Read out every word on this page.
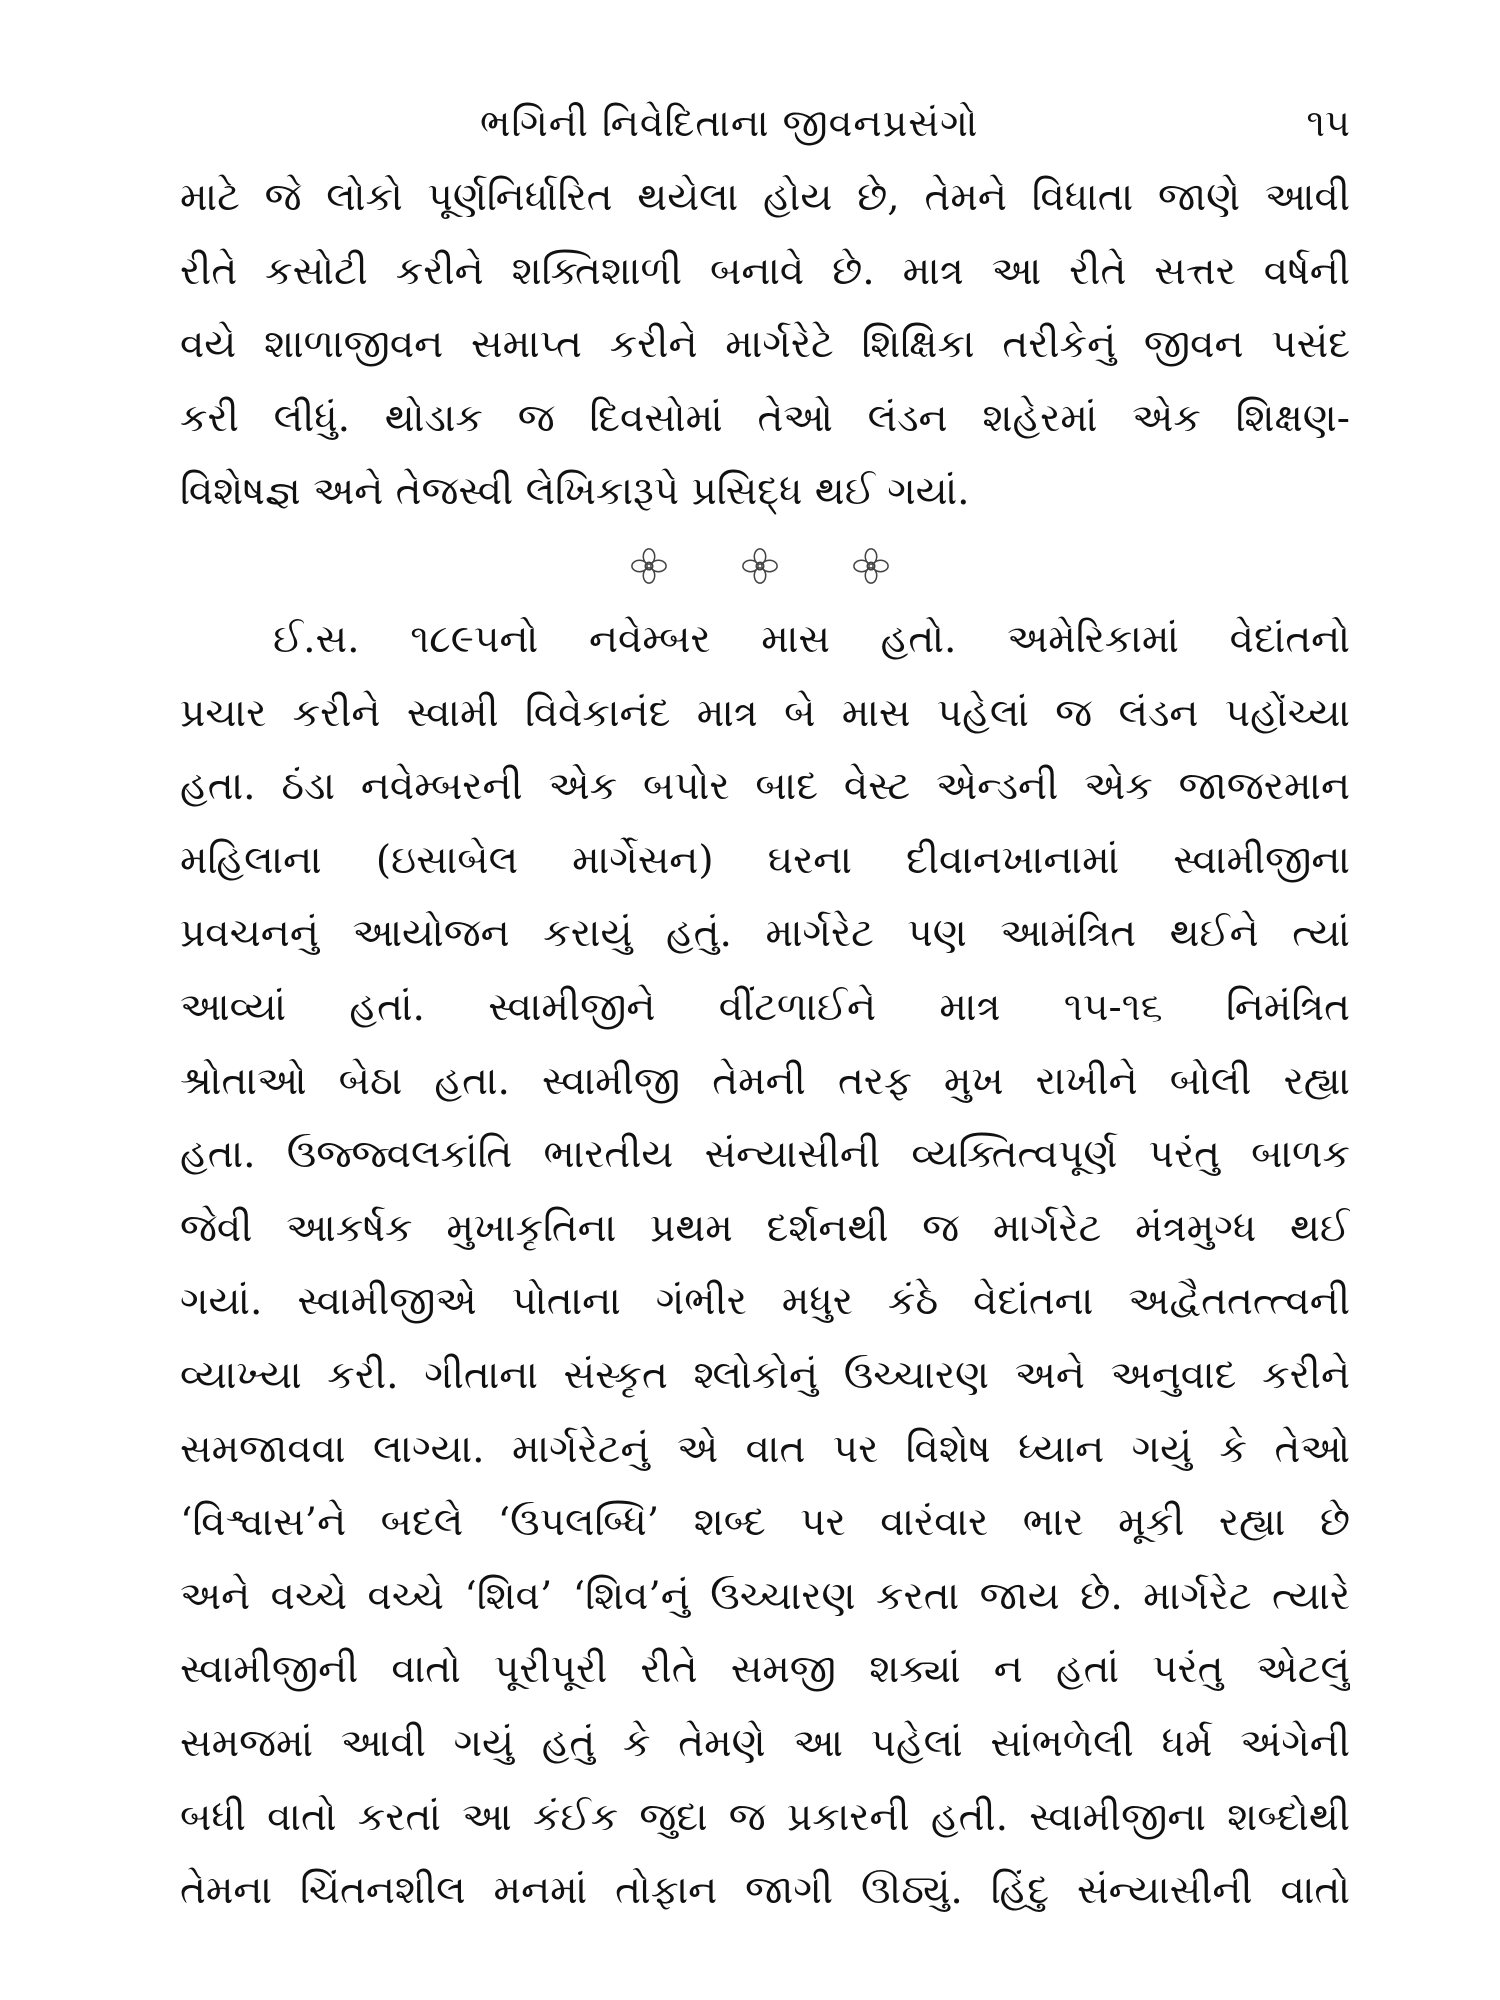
ભગિની નિવેદિતાના જીવનપ્રસંગો	૧૫
માટે જે લોકો પૂર્ણનિર્ધારિત થયેલા હોય છે, તેમને વિધાતા જાણે આવી
રીતે કસોટી કરીને શક્તિશાળી બનાવે છે. માત્ર આ રીતે સત્તર વર્ષની
વયે શાળાજીવન સમાપ્ત કરીને માર્ગરેટે શિક્ષિકા તરીકેનું જીવન પસંદ
કરી લીધું. થોડાક જ દિવસોમાં તેઓ લંડન શહેરમાં એક શિક્ષણ-
વિશેષજ્ઞ અને તેજસ્વી લેખિકારૂપે પ્રસિદ્ધ થઈ ગયાં.
ઈ.સ. ૧૮૯૫નો નવેમ્બર માસ હતો. અમેરિકામાં વેદાંતનો
પ્રચાર કરીને સ્વામી વિવેકાનંદ માત્ર બે માસ પહેલાં જ લંડન પહોંચ્યા
હતા. ઠંડા નવેમ્બરની એક બપોર બાદ વેસ્ટ એન્ડની એક જાજરમાન
મહિલાના (ઇસાબેલ માર્ગેસન) ઘરના દીવાનખાનામાં સ્વામીજીના
પ્રવચનનું આયોજન કરાયું હતું. માર્ગરેટ પણ આમંત્રિત થઈને ત્યાં
આવ્યાં હતાં. સ્વામીજીને વીંટળાઈને માત્ર ૧૫-૧૬ નિમંત્રિત
શ્રોતાઓ બેઠા હતા. સ્વામીજી તેમની તરફ મુખ રાખીને બોલી રહ્યા
હતા. ઉજ્જ્વલકાંતિ ભારતીય સંન્યાસીની વ્યક્તિત્વપૂર્ણ પરંતુ બાળક
જેવી આકર્ષક મુખાકૃતિના પ્રથમ દર્શનથી જ માર્ગરેટ મંત્રમુગ્ધ થઈ
ગયાં. સ્વામીજીએ પોતાના ગંભીર મધુર કંઠે વેદાંતના અદ્વૈતતત્ત્વની
વ્યાખ્યા કરી. ગીતાના સંસ્કૃત શ્લોકોનું ઉચ્ચારણ અને અનુવાદ કરીને
સમજાવવા લાગ્યા. માર્ગરેટનું એ વાત પર વિશેષ ધ્યાન ગયું કે તેઓ
‘વિશ્વાસ’ને બદલે ‘ઉપલબ્ધિ’ શબ્દ પર વારંવાર ભાર મૂકી રહ્યા છે
અને વચ્ચે વચ્ચે ‘શિવ’ ‘શિવ’નું ઉચ્ચારણ કરતા જાય છે. માર્ગરેટ ત્યારે
સ્વામીજીની વાતો પૂરીપૂરી રીતે સમજી શક્યાં ન હતાં પરંતુ એટલું
સમજમાં આવી ગયું હતું કે તેમણે આ પહેલાં સાંભળેલી ધર્મ અંગેની
બધી વાતો કરતાં આ કંઈક જુદા જ પ્રકારની હતી. સ્વામીજીના શબ્દોથી
તેમના ચિંતનશીલ મનમાં તોફાન જાગી ઊઠ્યું. હિંદુ સંન્યાસીની વાતો
